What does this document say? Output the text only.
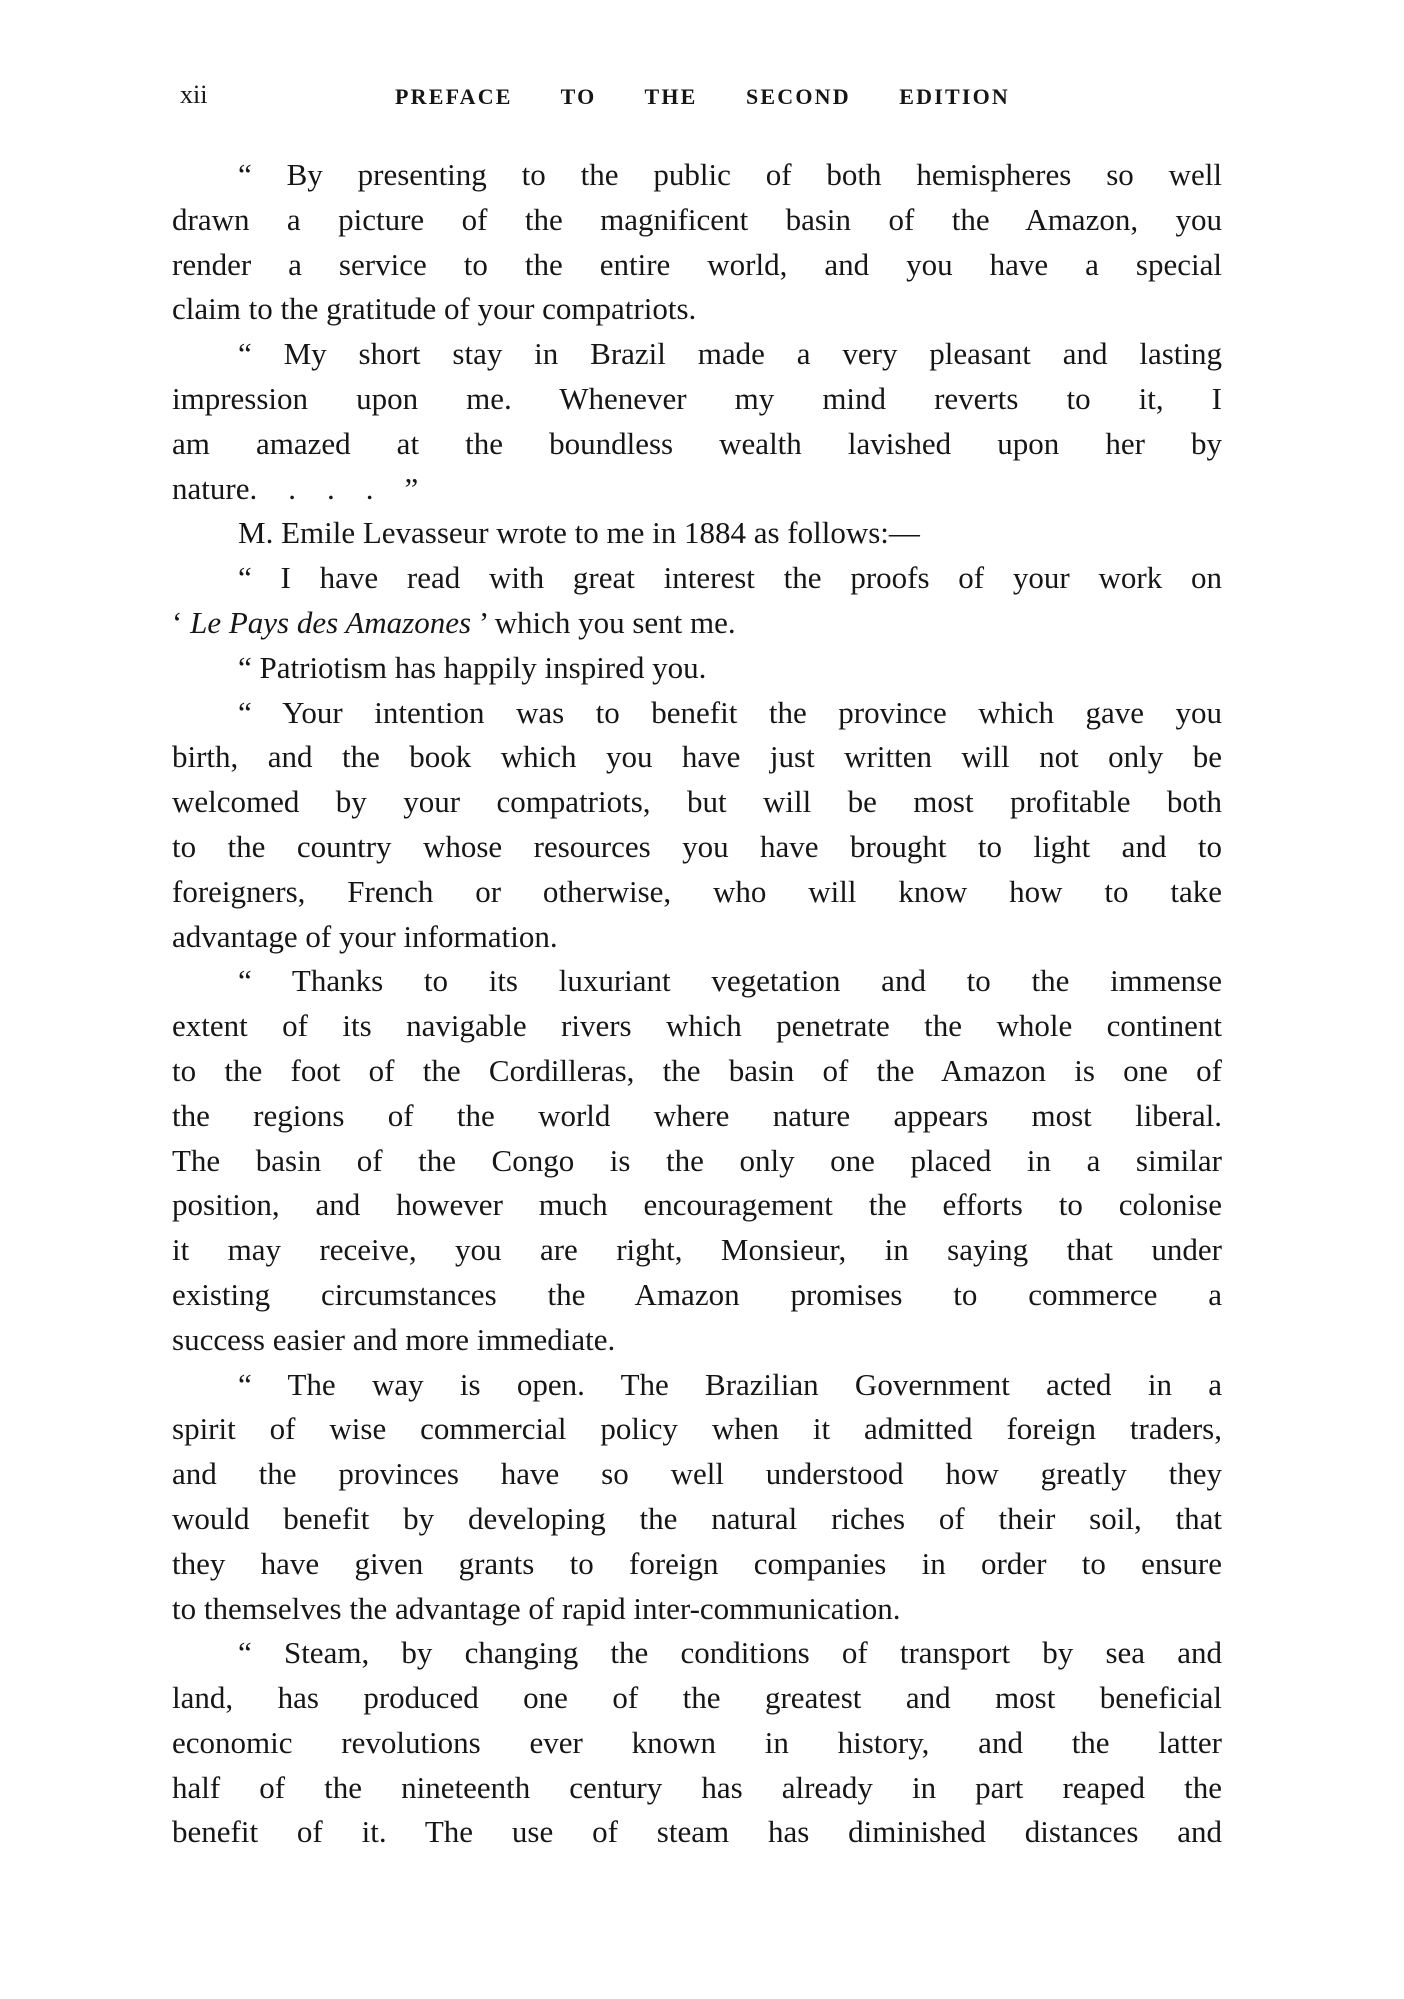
xii	PREFACE TO THE SECOND EDITION
“ By presenting to the public of both hemispheres so well
drawn a picture of the magnificent basin of the Amazon, you
render a service to the entire world, and you have a special
claim to the gratitude of your compatriots.
“ My short stay in Brazil made a very pleasant and lasting
impression upon me. Whenever my mind reverts to it, I
am amazed at the boundless wealth lavished upon her by
nature.    .    .    .    ”
M. Emile Levasseur wrote to me in 1884 as follows:—
“ I have read with great interest the proofs of your work on
‘ Le Pays des Amazones ’ which you sent me.
“ Patriotism has happily inspired you.
“ Your intention was to benefit the province which gave you
birth, and the book which you have just written will not only be
welcomed by your compatriots, but will be most profitable both
to the country whose resources you have brought to light and to
foreigners, French or otherwise, who will know how to take
advantage of your information.
“ Thanks to its luxuriant vegetation and to the immense
extent of its navigable rivers which penetrate the whole continent
to the foot of the Cordilleras, the basin of the Amazon is one of
the regions of the world where nature appears most liberal.
The basin of the Congo is the only one placed in a similar
position, and however much encouragement the efforts to colonise
it may receive, you are right, Monsieur, in saying that under
existing circumstances the Amazon promises to commerce a
success easier and more immediate.
“ The way is open. The Brazilian Government acted in a
spirit of wise commercial policy when it admitted foreign traders,
and the provinces have so well understood how greatly they
would benefit by developing the natural riches of their soil, that
they have given grants to foreign companies in order to ensure
to themselves the advantage of rapid inter-communication.
“ Steam, by changing the conditions of transport by sea and
land, has produced one of the greatest and most beneficial
economic revolutions ever known in history, and the latter
half of the nineteenth century has already in part reaped the
benefit of it. The use of steam has diminished distances and
